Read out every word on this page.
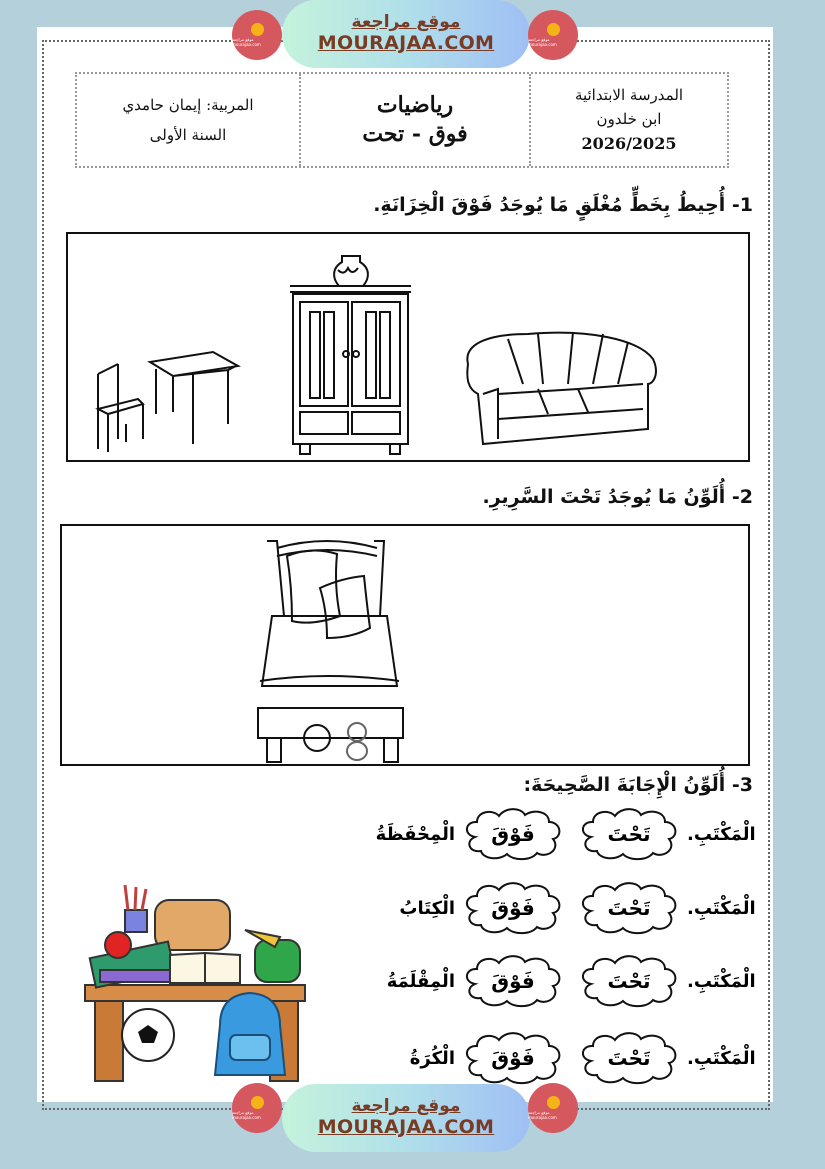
موقع مراجعة mourajaa.com
موقع مراجعة
MOURAJAA.COM	موقع مراجعة mourajaa.com
المدرسة الابتدائية
ابن خلدون
2026/2025
رياضيات
فوق - تحت
المربية: إيمان حامدي
السنة الأولى
1- أُحِيطُ بِخَطٍّ مُغْلَقٍ مَا يُوجَدُ فَوْقَ الْخِزَانَةِ.
2- أُلَوِّنُ مَا يُوجَدُ تَحْتَ السَّرِيرِ.
3- أُلَوِّنُ الْإِجَابَةَ الصَّحِيحَةَ:
الْمِحْفَظَةُ فَوْقَ	تَحْتَ الْمَكْتَبِ.
الْكِتَابُ فَوْقَ	تَحْتَ الْمَكْتَبِ.
الْمِقْلَمَةُ فَوْقَ	تَحْتَ الْمَكْتَبِ.
الْكُرَةُ فَوْقَ	تَحْتَ الْمَكْتَبِ.
موقع مراجعة mourajaa.com
موقع مراجعة
MOURAJAA.COM
موقع مراجعة mourajaa.com
